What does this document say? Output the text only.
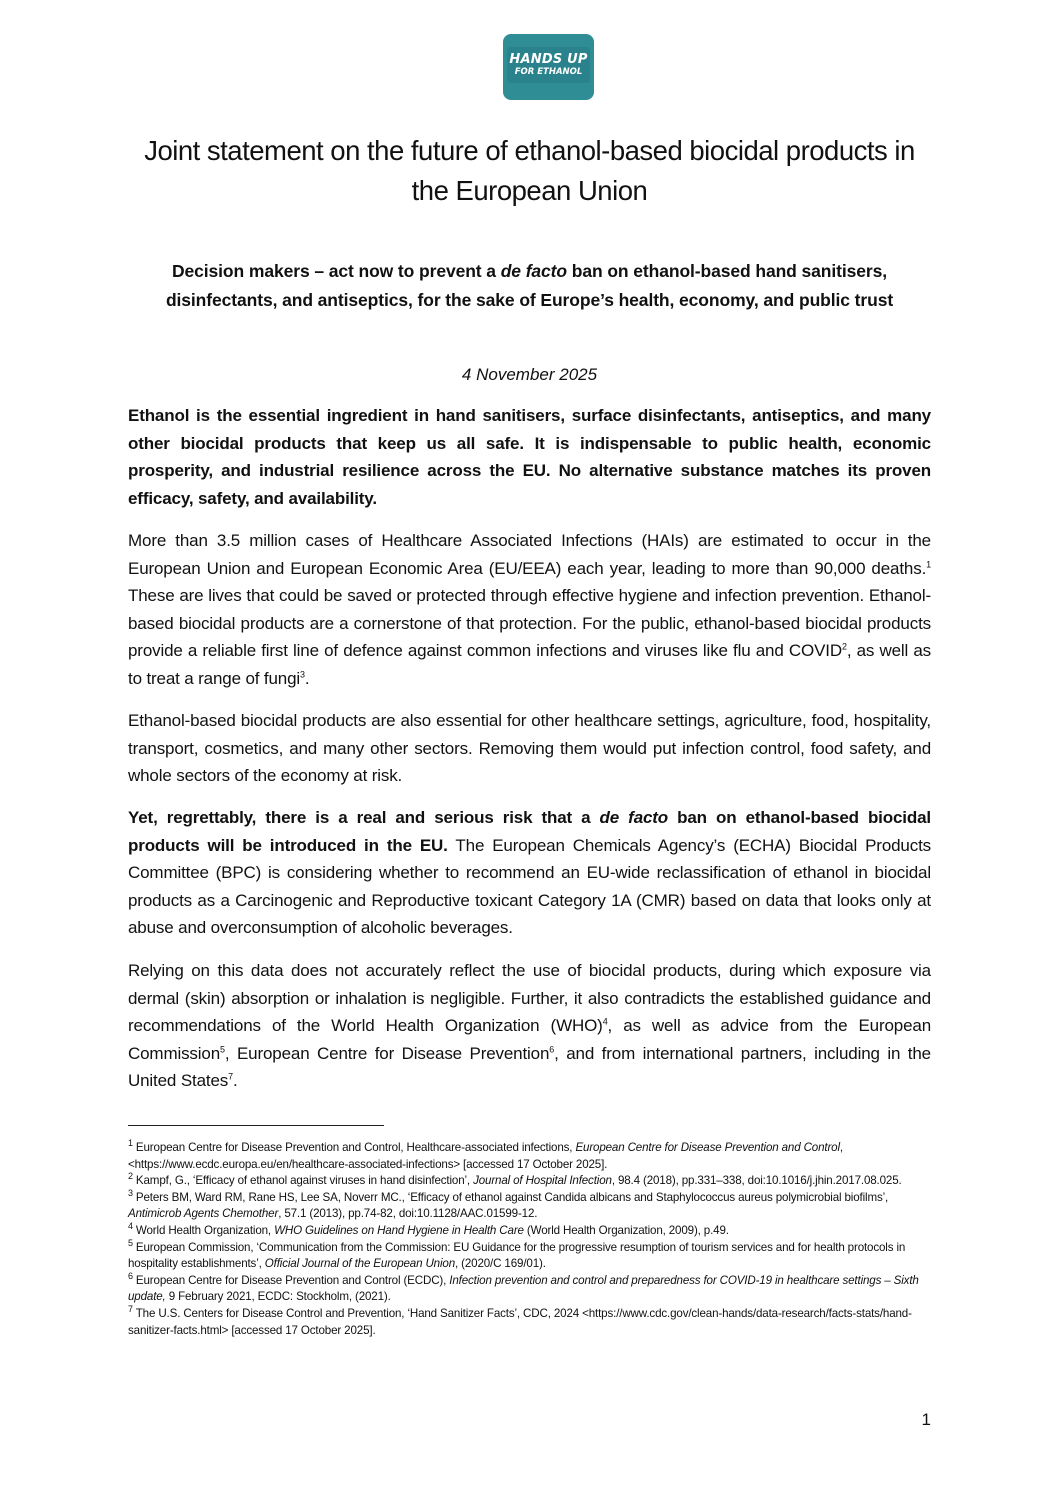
HANDS UP
FOR ETHANOL
Joint statement on the future of ethanol-based biocidal products in the European Union
Decision makers – act now to prevent a de facto ban on ethanol-based hand sanitisers, disinfectants, and antiseptics, for the sake of Europe’s health, economy, and public trust
4 November 2025

Ethanol is the essential ingredient in hand sanitisers, surface disinfectants, antiseptics, and many other biocidal products that keep us all safe. It is indispensable to public health, economic prosperity, and industrial resilience across the EU. No alternative substance matches its proven efficacy, safety, and availability.

More than 3.5 million cases of Healthcare Associated Infections (HAIs) are estimated to occur in the European Union and European Economic Area (EU/EEA) each year, leading to more than 90,000 deaths.$^1$ These are lives that could be saved or protected through effective hygiene and infection prevention. Ethanol-based biocidal products are a cornerstone of that protection. For the public, ethanol-based biocidal products provide a reliable first line of defence against common infections and viruses like flu and COVID$^2$, as well as to treat a range of fungi$^3$.

Ethanol-based biocidal products are also essential for other healthcare settings, agriculture, food, hospitality, transport, cosmetics, and many other sectors. Removing them would put infection control, food safety, and whole sectors of the economy at risk.

Yet, regrettably, there is a real and serious risk that a de facto ban on ethanol-based biocidal products will be introduced in the EU. The European Chemicals Agency’s (ECHA) Biocidal Products Committee (BPC) is considering whether to recommend an EU-wide reclassification of ethanol in biocidal products as a Carcinogenic and Reproductive toxicant Category 1A (CMR) based on data that looks only at abuse and overconsumption of alcoholic beverages.

Relying on this data does not accurately reflect the use of biocidal products, during which exposure via dermal (skin) absorption or inhalation is negligible. Further, it also contradicts the established guidance and recommendations of the World Health Organization (WHO)$^4$, as well as advice from the European Commission$^5$, European Centre for Disease Prevention$^6$, and from international partners, including in the United States$^7$.

$^1$ European Centre for Disease Prevention and Control, Healthcare-associated infections, European Centre for Disease Prevention and Control, <https://www.ecdc.europa.eu/en/healthcare-associated-infections> [accessed 17 October 2025].

$^2$ Kampf, G., ‘Efficacy of ethanol against viruses in hand disinfection’, Journal of Hospital Infection, 98.4 (2018), pp.331–338, doi:10.1016/j.jhin.2017.08.025.

$^3$ Peters BM, Ward RM, Rane HS, Lee SA, Noverr MC., ‘Efficacy of ethanol against Candida albicans and Staphylococcus aureus polymicrobial biofilms’, Antimicrob Agents Chemother, 57.1 (2013), pp.74-82, doi:10.1128/AAC.01599-12.

$^4$ World Health Organization, WHO Guidelines on Hand Hygiene in Health Care (World Health Organization, 2009), p.49.

$^5$ European Commission, ‘Communication from the Commission: EU Guidance for the progressive resumption of tourism services and for health protocols in hospitality establishments’, Official Journal of the European Union, (2020/C 169/01).

$^6$ European Centre for Disease Prevention and Control (ECDC), Infection prevention and control and preparedness for COVID-19 in healthcare settings – Sixth update, 9 February 2021, ECDC: Stockholm, (2021).

$^7$ The U.S. Centers for Disease Control and Prevention, ‘Hand Sanitizer Facts’, CDC, 2024 <https://www.cdc.gov/clean-hands/data-research/facts-stats/hand-sanitizer-facts.html> [accessed 17 October 2025].

1
